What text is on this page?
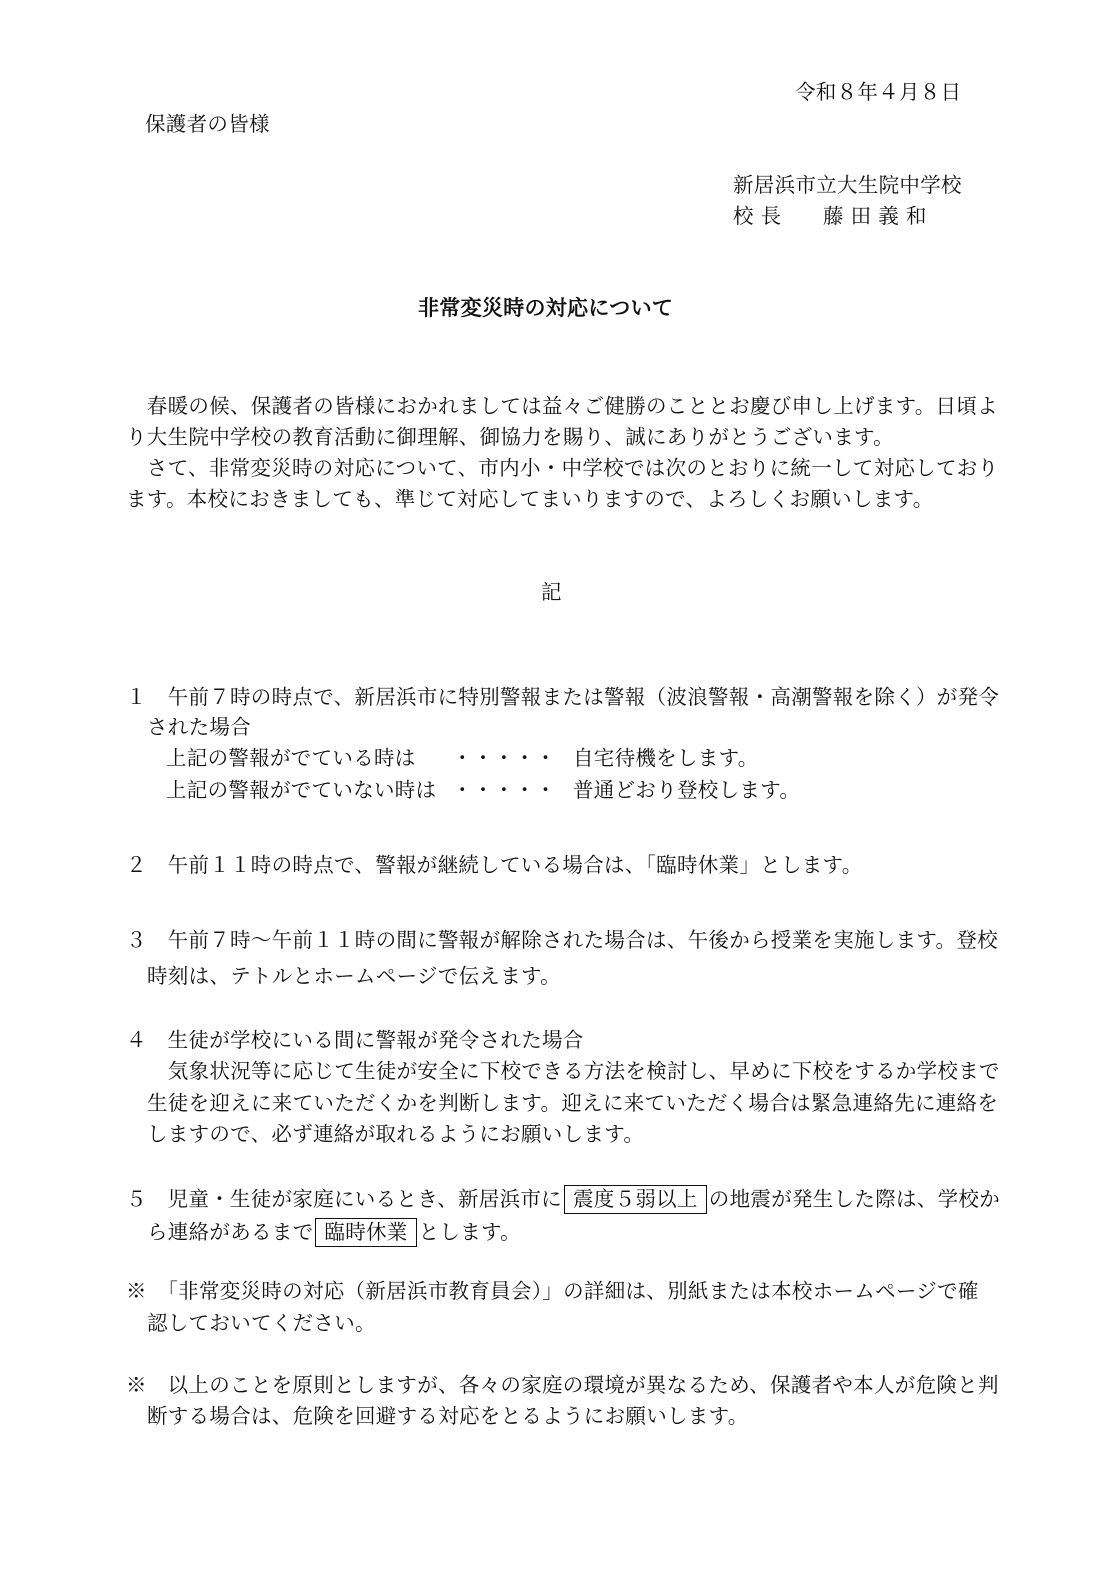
令和８年４月８日
保護者の皆様
新居浜市立大生院中学校
校 長　　藤 田 義 和
非常変災時の対応について
　春暖の候、保護者の皆様におかれましては益々ご健勝のこととお慶び申し上げます。日頃よ
り大生院中学校の教育活動に御理解、御協力を賜り、誠にありがとうございます。
　さて、非常変災時の対応について、市内小・中学校では次のとおりに統一して対応しており
ます。本校におきましても、準じて対応してまいりますので、よろしくお願いします。
記
１　午前７時の時点で、新居浜市に特別警報または警報（波浪警報・高潮警報を除く）が発令
された場合
上記の警報がでている時は ・・・・・ 自宅待機をします。
上記の警報がでていない時は ・・・・・ 普通どおり登校します。
２　午前１１時の時点で、警報が継続している場合は、「臨時休業」とします。
３　午前７時～午前１１時の間に警報が解除された場合は、午後から授業を実施します。登校
時刻は、テトルとホームページで伝えます。
４　生徒が学校にいる間に警報が発令された場合
　気象状況等に応じて生徒が安全に下校できる方法を検討し、早めに下校をするか学校まで
生徒を迎えに来ていただくかを判断します。迎えに来ていただく場合は緊急連絡先に連絡を
しますので、必ず連絡が取れるようにお願いします。
５　児童・生徒が家庭にいるとき、新居浜市に 震度５弱以上 の地震が発生した際は、学校か
ら連絡があるまで 臨時休業 とします。
※　「非常変災時の対応（新居浜市教育員会）」の詳細は、別紙または本校ホームページで確
認しておいてください。
※　以上のことを原則としますが、各々の家庭の環境が異なるため、保護者や本人が危険と判
断する場合は、危険を回避する対応をとるようにお願いします。
